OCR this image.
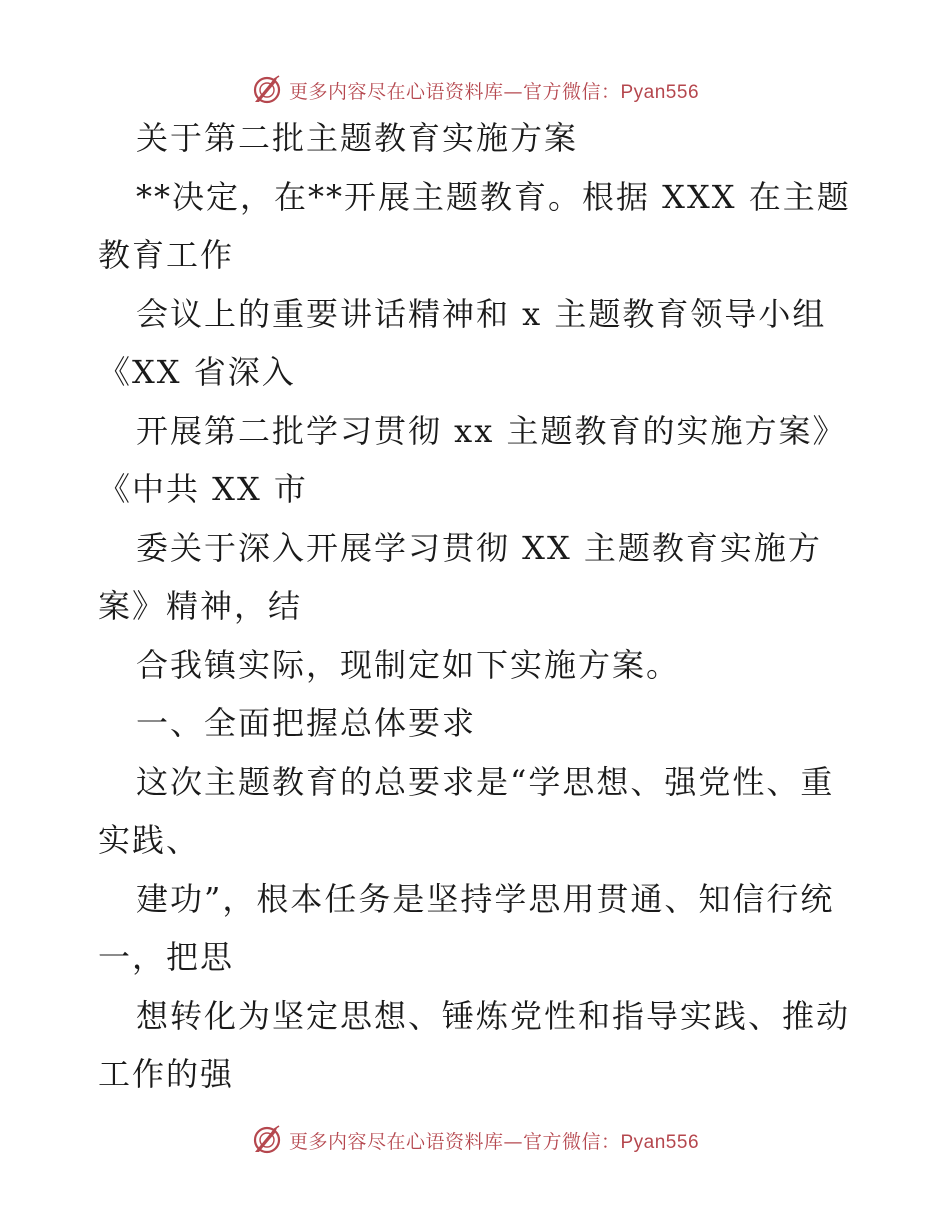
更多内容尽在心语资料库—官方微信：Pyan556
关于第二批主题教育实施方案
**决定，在**开展主题教育。根据 XXX 在主题
教育工作
会议上的重要讲话精神和 x 主题教育领导小组
《XX 省深入
开展第二批学习贯彻 xx 主题教育的实施方案》
《中共 XX 市
委关于深入开展学习贯彻 XX 主题教育实施方
案》精神，结
合我镇实际，现制定如下实施方案。
一、全面把握总体要求
这次主题教育的总要求是“学思想、强党性、重
实践、
建功”，根本任务是坚持学思用贯通、知信行统
一，把思
想转化为坚定思想、锤炼党性和指导实践、推动
工作的强
更多内容尽在心语资料库—官方微信：Pyan556
